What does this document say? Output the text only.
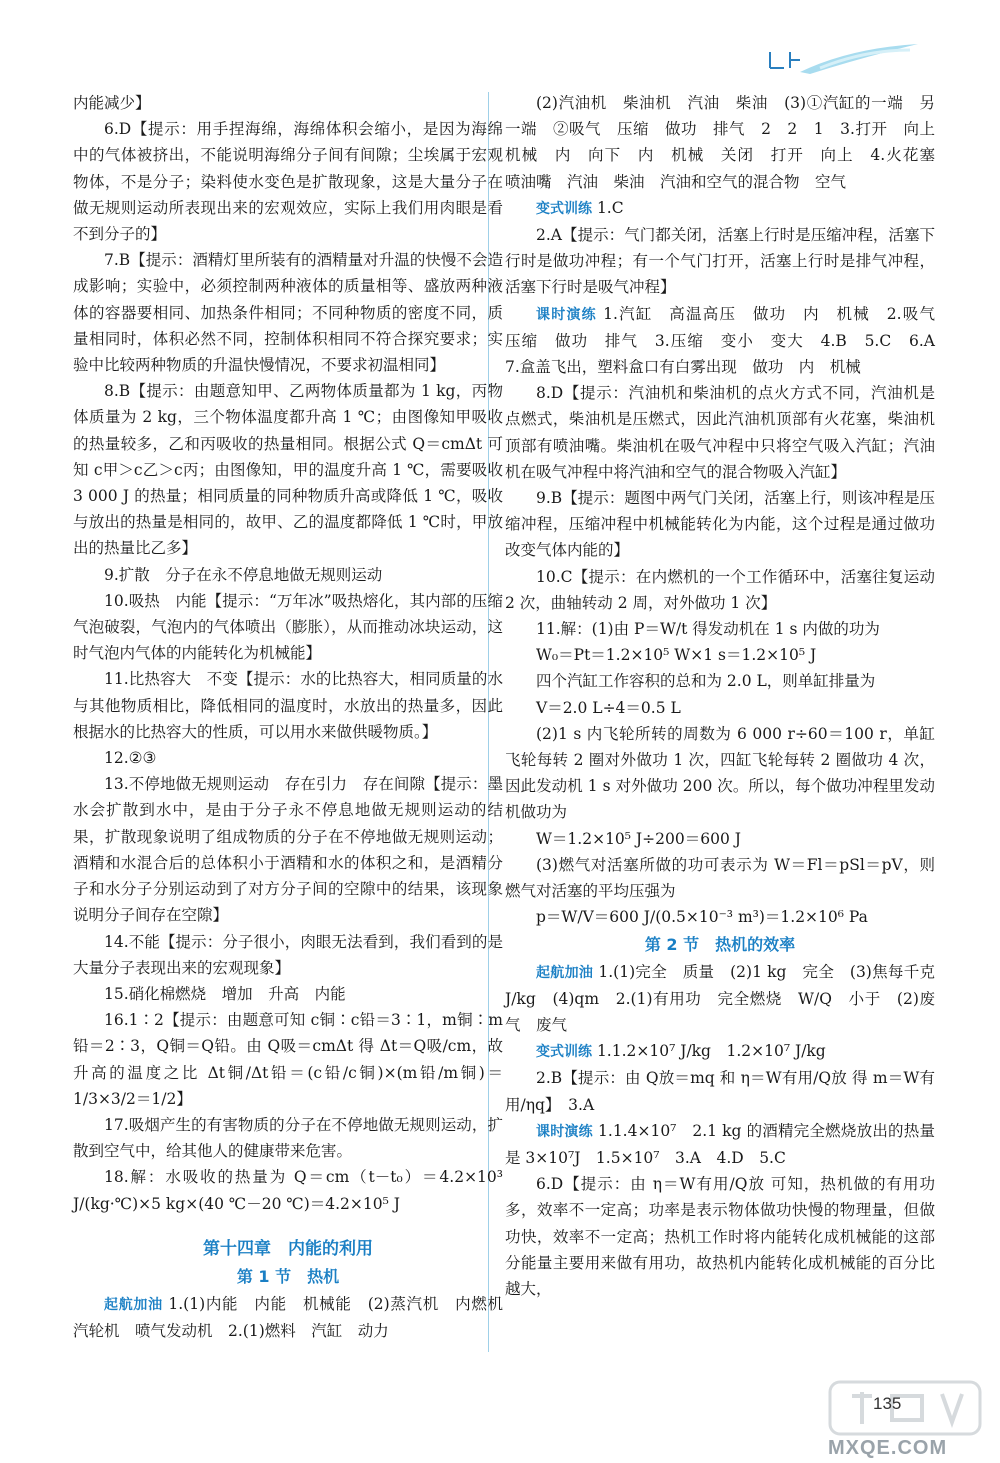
内能减少】

6.D【提示：用手捏海绵，海绵体积会缩小，是因为海绵中的气体被挤出，不能说明海绵分子间有间隙；尘埃属于宏观物体，不是分子；染料使水变色是扩散现象，这是大量分子在做无规则运动所表现出来的宏观效应，实际上我们用肉眼是看不到分子的】

7.B【提示：酒精灯里所装有的酒精量对升温的快慢不会造成影响；实验中，必须控制两种液体的质量相等、盛放两种液体的容器要相同、加热条件相同；不同种物质的密度不同，质量相同时，体积必然不同，控制体积相同不符合探究要求；实验中比较两种物质的升温快慢情况，不要求初温相同】

8.B【提示：由题意知甲、乙两物体质量都为 1 kg，丙物体质量为 2 kg，三个物体温度都升高 1 ℃；由图像知甲吸收的热量较多，乙和丙吸收的热量相同。根据公式 Q＝cmΔt 可知 c甲＞c乙＞c丙；由图像知，甲的温度升高 1 ℃，需要吸收 3 000 J 的热量；相同质量的同种物质升高或降低 1 ℃，吸收与放出的热量是相同的，故甲、乙的温度都降低 1 ℃时，甲放出的热量比乙多】

9.扩散　分子在永不停息地做无规则运动

10.吸热　内能【提示：“万年冰”吸热熔化，其内部的压缩气泡破裂，气泡内的气体喷出（膨胀），从而推动冰块运动，这时气泡内气体的内能转化为机械能】

11.比热容大　不变【提示：水的比热容大，相同质量的水与其他物质相比，降低相同的温度时，水放出的热量多，因此根据水的比热容大的性质，可以用水来做供暖物质。】

12.②③

13.不停地做无规则运动　存在引力　存在间隙【提示：墨水会扩散到水中，是由于分子永不停息地做无规则运动的结果，扩散现象说明了组成物质的分子在不停地做无规则运动；酒精和水混合后的总体积小于酒精和水的体积之和，是酒精分子和水分子分别运动到了对方分子间的空隙中的结果，该现象说明分子间存在空隙】

14.不能【提示：分子很小，肉眼无法看到，我们看到的是大量分子表现出来的宏观现象】

15.硝化棉燃烧　增加　升高　内能

16.1∶2【提示：由题意可知 c铜∶c铅＝3∶1，m铜∶m铅＝2∶3，Q铜＝Q铅。由 Q吸＝cmΔt 得 Δt＝Q吸/cm，故升高的温度之比 Δt铜/Δt铅＝(c铅/c铜)×(m铅/m铜)＝1/3×3/2＝1/2】

17.吸烟产生的有害物质的分子在不停地做无规则运动，扩散到空气中，给其他人的健康带来危害。

18.解：水吸收的热量为 Q＝cm（t－t₀）＝4.2×10³ J/(kg·℃)×5 kg×(40 ℃－20 ℃)＝4.2×10⁵ J

第十四章　内能的利用

第 1 节　热机

起航加油 1.(1)内能　内能　机械能　(2)蒸汽机　内燃机　汽轮机　喷气发动机　2.(1)燃料　汽缸　动力

(2)汽油机　柴油机　汽油　柴油　(3)①汽缸的一端　另一端　②吸气　压缩　做功　排气　2　2　1　3.打开　向上　机械　内　向下　内　机械　关闭　打开　向上　4.火花塞　喷油嘴　汽油　柴油　汽油和空气的混合物　空气

变式训练 1.C

2.A【提示：气门都关闭，活塞上行时是压缩冲程，活塞下行时是做功冲程；有一个气门打开，活塞上行时是排气冲程，活塞下行时是吸气冲程】

课时演练 1.汽缸　高温高压　做功　内　机械　2.吸气　压缩　做功　排气　3.压缩　变小　变大　4.B　5.C　6.A　7.盒盖飞出，塑料盒口有白雾出现　做功　内　机械

8.D【提示：汽油机和柴油机的点火方式不同，汽油机是点燃式，柴油机是压燃式，因此汽油机顶部有火花塞，柴油机顶部有喷油嘴。柴油机在吸气冲程中只将空气吸入汽缸；汽油机在吸气冲程中将汽油和空气的混合物吸入汽缸】

9.B【提示：题图中两气门关闭，活塞上行，则该冲程是压缩冲程，压缩冲程中机械能转化为内能，这个过程是通过做功改变气体内能的】

10.C【提示：在内燃机的一个工作循环中，活塞往复运动 2 次，曲轴转动 2 周，对外做功 1 次】

11.解：(1)由 P＝W/t 得发动机在 1 s 内做的功为

W₀＝Pt＝1.2×10⁵ W×1 s＝1.2×10⁵ J

四个汽缸工作容积的总和为 2.0 L，则单缸排量为

V＝2.0 L÷4＝0.5 L

(2)1 s 内飞轮所转的周数为 6 000 r÷60＝100 r，单缸飞轮每转 2 圈对外做功 1 次，四缸飞轮每转 2 圈做功 4 次，因此发动机 1 s 对外做功 200 次。所以，每个做功冲程里发动机做功为

W＝1.2×10⁵ J÷200＝600 J

(3)燃气对活塞所做的功可表示为 W＝Fl＝pSl＝pV，则燃气对活塞的平均压强为

p＝W/V＝600 J/(0.5×10⁻³ m³)＝1.2×10⁶ Pa

第 2 节　热机的效率

起航加油 1.(1)完全　质量　(2)1 kg　完全　(3)焦每千克　J/kg　(4)qm　2.(1)有用功　完全燃烧　W/Q　小于　(2)废气　废气

变式训练 1.1.2×10⁷ J/kg　1.2×10⁷ J/kg

2.B【提示：由 Q放＝mq 和 η＝W有用/Q放 得 m＝W有用/ηq】　3.A

课时演练 1.1.4×10⁷　2.1 kg 的酒精完全燃烧放出的热量是 3×10⁷J　1.5×10⁷　3.A　4.D　5.C

6.D【提示：由 η＝W有用/Q放 可知，热机做的有用功多，效率不一定高；功率是表示物体做功快慢的物理量，但做功快，效率不一定高；热机工作时将内能转化成机械能的这部分能量主要用来做有用功，故热机内能转化成机械能的百分比越大，

135
MXQE.COM
